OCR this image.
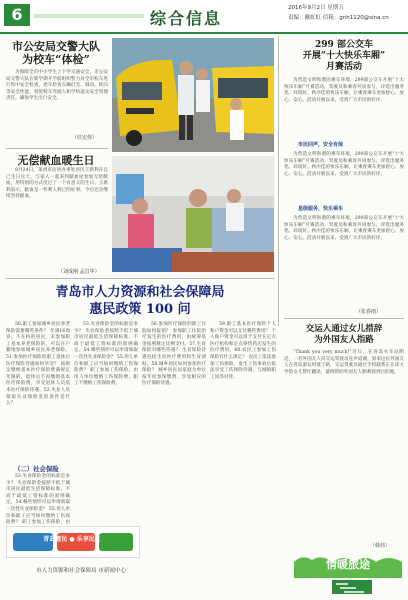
6	综合信息
2016年9月2日 星期五
责编：戴虹虹 信箱：gnh1120@sina.cn
市公安局交警大队
为校车“体检”

为保障全市中小学生上下学交通安全，市公安局交警大队在新学期开学前组织警力对全市校车进行集中安全检查，逐车检查车辆灯光、制动、转向等安全性能，督促校车驾驶人和学校落实安全管理责任，确保学生出行安全。

（任宏伟）
299 部公交车
开展“十大快乐车厢”
月赛活动

为营造文明和谐的乘车环境，299部公交车开展“十大快乐车厢”月赛活动，驾驶员和乘客共同参与，评选出服务优、环境好、秩序佳的快乐车厢，让乘客乘车更加舒心、放心、安心。活动开展以来，受到广大市民的好评。

市民回声，安全有保

为营造文明和谐的乘车环境，299部公交车开展“十大快乐车厢”月赛活动，驾驶员和乘客共同参与，评选出服务优、环境好、秩序佳的快乐车厢，让乘客乘车更加舒心、放心、安心。活动开展以来，受到广大市民的好评。

星级服务，快乐乘车

为营造文明和谐的乘车环境，299部公交车开展“十大快乐车厢”月赛活动，驾驶员和乘客共同参与，评选出服务优、环境好、秩序佳的快乐车厢，让乘客乘车更加舒心、放心、安心。活动开展以来，受到广大市民的好评。

（张春雨）
无偿献血暖生日

8月24日，莱西市沽河办事处居民王新利在自己生日这天，与家人一起来到献血屋参加无偿献血，用特别的方式度过了一个有意义的生日。王新利表示，献血是一件利人利己的好事，今后还会继续坚持献血。

（刘成刚 孟昌华）
青岛市人力资源和社会保障局
惠民政策 100 问

50.职工参加城乡居民养老保险需要哪些条件？ 年满16周岁、不在校的居民，未参加职工基本养老保险的，可以在户籍地参加城乡居民养老保险。51.参加医疗保险的职工退休后医疗保险待遇如何享受？ 按规定缴纳基本医疗保险费满规定年限的，退休后不再缴纳基本医疗保险费，享受退休人员基本医疗保险待遇。52.失业人员领取失业保险金的条件是什么？

（二）社会保险

53.失业保险金的标准是多少？ 失业保险金按照不低于城市居民最低生活保障标准、不高于最低工资标准的原则确定。54.哪些情形可以申请领取一次性失业保险金？ 55.用人单位和职工应当如何缴纳工伤保险费？ 职工参加工伤保险，由

53.失业保险金的标准是多少？ 失业保险金按照不低于城市居民最低生活保障标准、不高于最低工资标准的原则确定。54.哪些情形可以申请领取一次性失业保险金？ 55.用人单位和职工应当如何缴纳工伤保险费？ 职工参加工伤保险，由用人单位缴纳工伤保险费，职工不缴纳工伤保险费。

56.参加医疗保险的职工住院如何报销？ 参保职工住院治疗发生的医疗费用，由统筹基金按照规定比例支付。57.生育保险有哪些待遇？ 生育保险待遇包括生育医疗费用和生育津贴。58.城乡居民如何参加医疗保险？ 城乡居民以家庭为单位按年度参保缴费，享受相应的医疗保险待遇。

59.职工基本医疗保险个人账户资金可以支付哪些费用？ 个人账户资金可以用于支付在定点医疗机构和定点零售药店发生的医疗费用。60.农民工参加工伤保险有什么规定？ 农民工依法参加工伤保险，发生工伤事故后依法享受工伤保险待遇，与城镇职工同等对待。

青岛惠民 ● 乐享民生
市人力资源和社会保障局 市新闻中心
交运人通过女儿措辞
为外国友人指路

“Thank you very much!”近日，在青岛火车站附近，一名外国友人向交运驾驶员连声道谢。原来这位外国友人在青岛游玩时迷了路，交运驾驶员通过手机联系正在读大学的女儿帮忙翻译，最终帮助外国友人顺利找到目的地。

（韩伟）
情暖旅途
